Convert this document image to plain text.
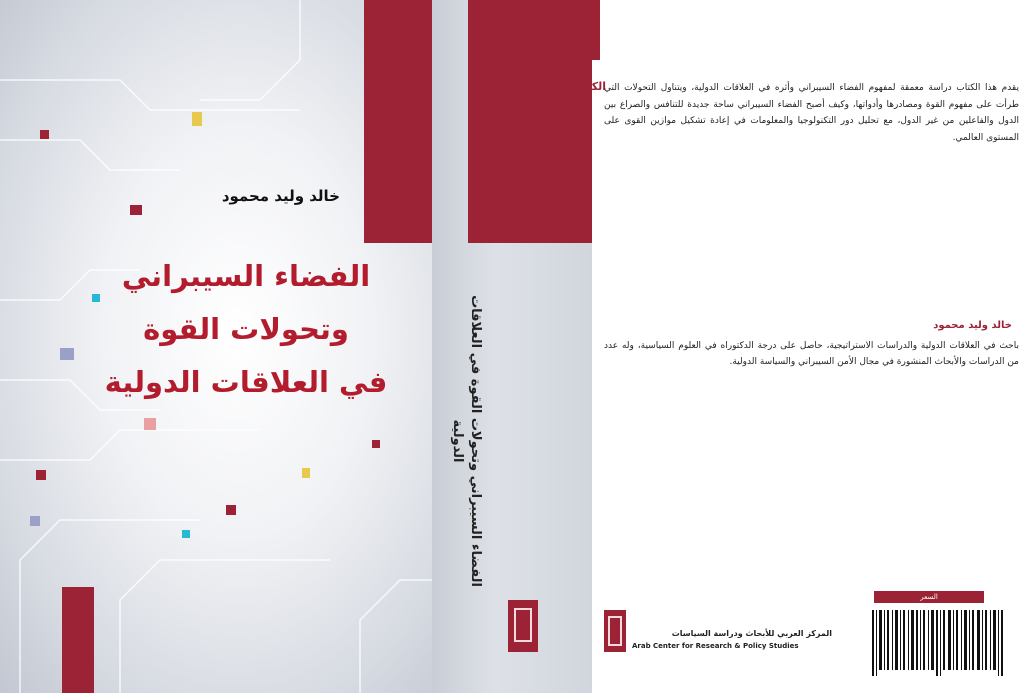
خالد وليد محمود
الفضاء السيبراني
وتحولات القوة
في العلاقات الدولية	الفضاء السيبراني وتحولات القوة في العلاقات الدولية
هذا الكتاب
يقدم هذا الكتاب دراسة معمقة لمفهوم الفضاء السيبراني وأثره في العلاقات الدولية، ويتناول التحولات التي طرأت على مفهوم القوة ومصادرها وأدواتها، وكيف أصبح الفضاء السيبراني ساحة جديدة للتنافس والصراع بين الدول والفاعلين من غير الدول، مع تحليل دور التكنولوجيا والمعلومات في إعادة تشكيل موازين القوى على المستوى العالمي.
خالد وليد محمود
باحث في العلاقات الدولية والدراسات الاستراتيجية، حاصل على درجة الدكتوراه في العلوم السياسية، وله عدد من الدراسات والأبحاث المنشورة في مجال الأمن السيبراني والسياسة الدولية.
السعر
المركز العربي للأبحاث ودراسة السياسات
Arab Center for Research & Policy Studies
